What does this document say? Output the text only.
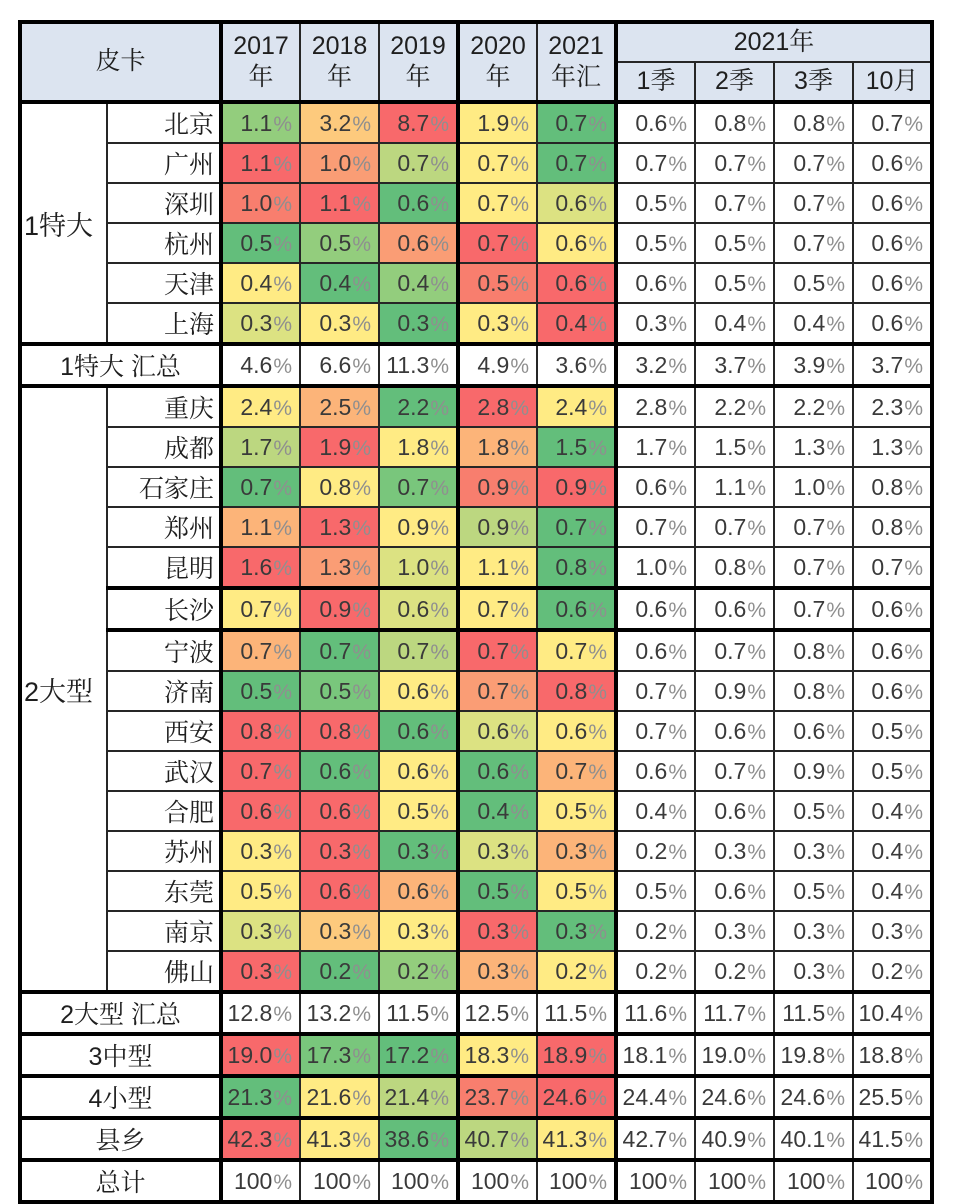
皮卡		2017年	2018年	2019年	2020年	2021年汇	2021年			
							1季	2季	3季	10月
1特大	北京	1.1%	3.2%	8.7%	1.9%	0.7%	0.6%	0.8%	0.8%	0.7%
	广州	1.1%	1.0%	0.7%	0.7%	0.7%	0.7%	0.7%	0.7%	0.6%
	深圳	1.0%	1.1%	0.6%	0.7%	0.6%	0.5%	0.7%	0.7%	0.6%
	杭州	0.5%	0.5%	0.6%	0.7%	0.6%	0.5%	0.5%	0.7%	0.6%
	天津	0.4%	0.4%	0.4%	0.5%	0.6%	0.6%	0.5%	0.5%	0.6%
	上海	0.3%	0.3%	0.3%	0.3%	0.4%	0.3%	0.4%	0.4%	0.6%
1特大 汇总		4.6%	6.6%	11.3%	4.9%	3.6%	3.2%	3.7%	3.9%	3.7%
2大型	重庆	2.4%	2.5%	2.2%	2.8%	2.4%	2.8%	2.2%	2.2%	2.3%
	成都	1.7%	1.9%	1.8%	1.8%	1.5%	1.7%	1.5%	1.3%	1.3%
	石家庄	0.7%	0.8%	0.7%	0.9%	0.9%	0.6%	1.1%	1.0%	0.8%
	郑州	1.1%	1.3%	0.9%	0.9%	0.7%	0.7%	0.7%	0.7%	0.8%
	昆明	1.6%	1.3%	1.0%	1.1%	0.8%	1.0%	0.8%	0.7%	0.7%
	长沙	0.7%	0.9%	0.6%	0.7%	0.6%	0.6%	0.6%	0.7%	0.6%
	宁波	0.7%	0.7%	0.7%	0.7%	0.7%	0.6%	0.7%	0.8%	0.6%
	济南	0.5%	0.5%	0.6%	0.7%	0.8%	0.7%	0.9%	0.8%	0.6%
	西安	0.8%	0.8%	0.6%	0.6%	0.6%	0.7%	0.6%	0.6%	0.5%
	武汉	0.7%	0.6%	0.6%	0.6%	0.7%	0.6%	0.7%	0.9%	0.5%
	合肥	0.6%	0.6%	0.5%	0.4%	0.5%	0.4%	0.6%	0.5%	0.4%
	苏州	0.3%	0.3%	0.3%	0.3%	0.3%	0.2%	0.3%	0.3%	0.4%
	东莞	0.5%	0.6%	0.6%	0.5%	0.5%	0.5%	0.6%	0.5%	0.4%
	南京	0.3%	0.3%	0.3%	0.3%	0.3%	0.2%	0.3%	0.3%	0.3%
	佛山	0.3%	0.2%	0.2%	0.3%	0.2%	0.2%	0.2%	0.3%	0.2%
2大型 汇总		12.8%	13.2%	11.5%	12.5%	11.5%	11.6%	11.7%	11.5%	10.4%
3中型		19.0%	17.3%	17.2%	18.3%	18.9%	18.1%	19.0%	19.8%	18.8%
4小型		21.3%	21.6%	21.4%	23.7%	24.6%	24.4%	24.6%	24.6%	25.5%
县乡		42.3%	41.3%	38.6%	40.7%	41.3%	42.7%	40.9%	40.1%	41.5%
总计		100%	100%	100%	100%	100%	100%	100%	100%	100%
